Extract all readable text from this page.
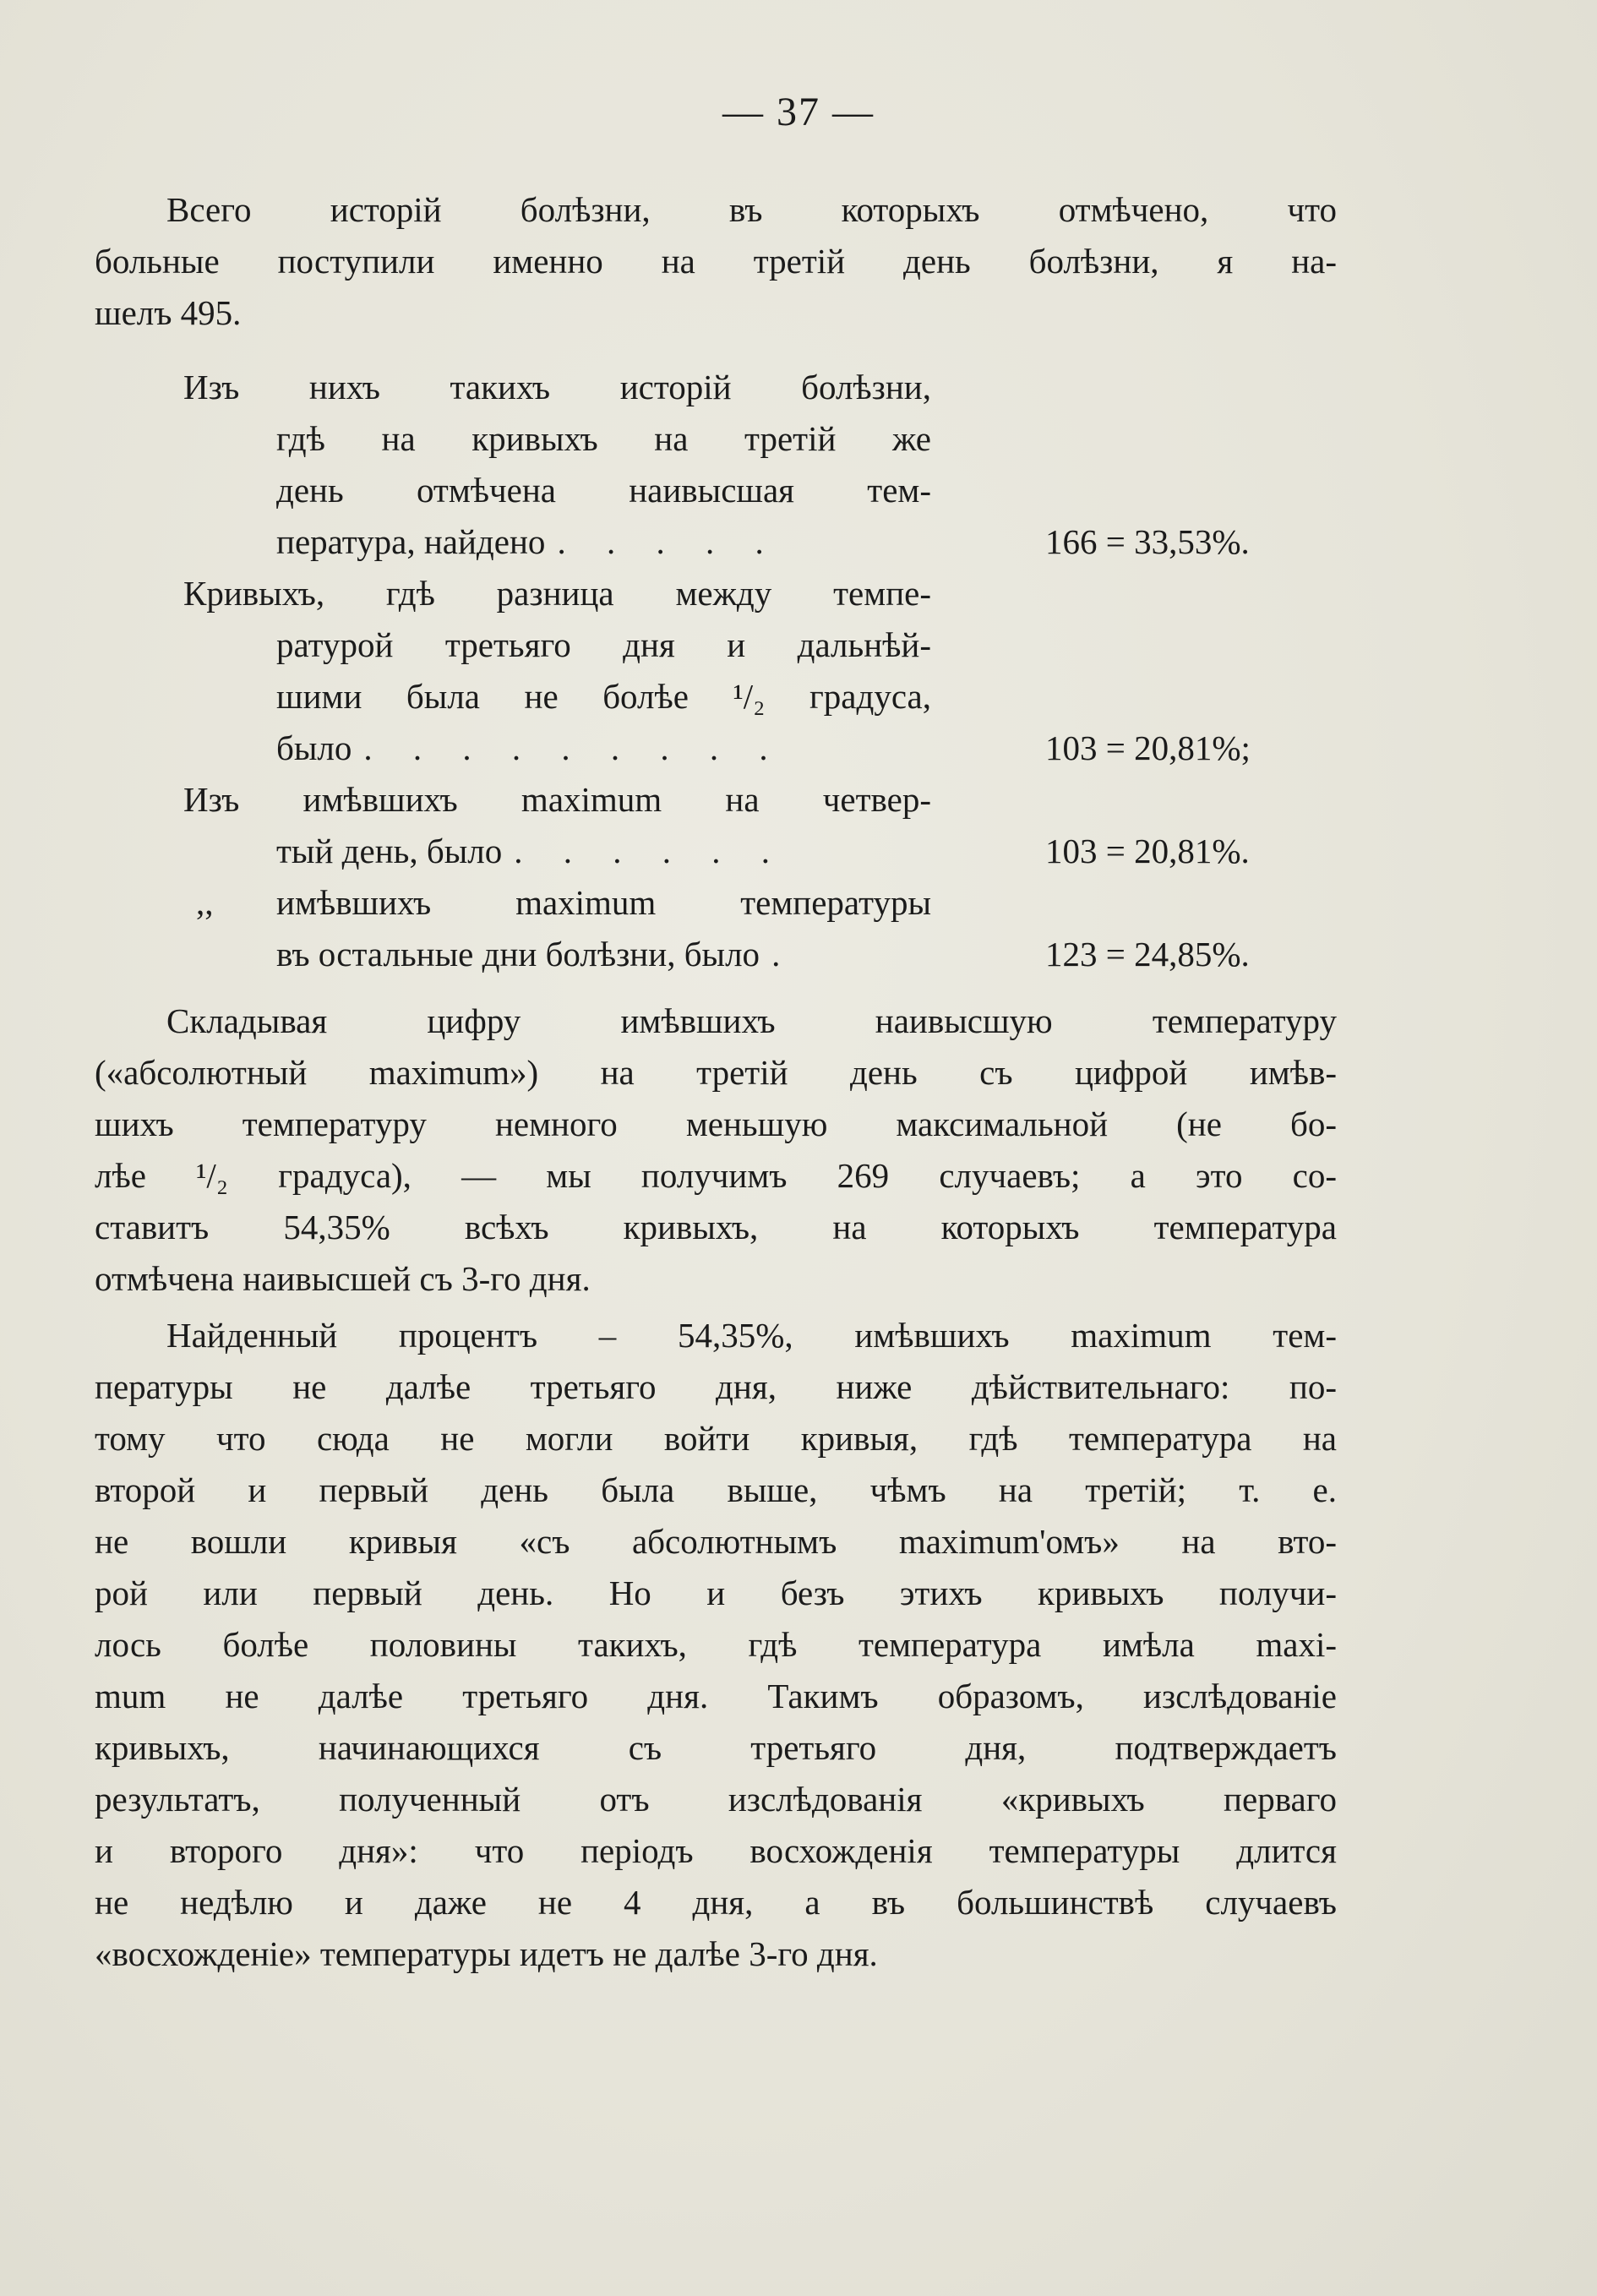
— 37 —
Всего исторій болѣзни, въ которыхъ отмѣчено, что
больные поступили именно на третій день болѣзни, я на-
шелъ 495.
Изъ нихъ такихъ исторій болѣзни,
гдѣ на кривыхъ на третій же
день отмѣчена наивысшая тем-
пература, найдено . . . . .	166 = 33,53%.
Кривыхъ, гдѣ разница между темпе-
ратурой третьяго дня и дальнѣй-
шими была не болѣе ¹/₂ градуса,
было . . . . . . . . .	103 = 20,81%;
Изъ имѣвшихъ maximum на четвер-
тый день, было . . . . . .	103 = 20,81%.
,,	имѣвшихъ maximum температуры
въ остальные дни болѣзни, было .	123 = 24,85%.
Складывая цифру имѣвшихъ наивысшую температуру
(«абсолютный maximum») на третій день съ цифрой имѣв-
шихъ температуру немного меньшую максимальной (не бо-
лѣе ¹/₂ градуса), — мы получимъ 269 случаевъ; а это со-
ставитъ 54,35% всѣхъ кривыхъ, на которыхъ температура
отмѣчена наивысшей съ 3-го дня.
Найденный процентъ – 54,35%, имѣвшихъ maximum тем-
пературы не далѣе третьяго дня, ниже дѣйствительнаго: по-
тому что сюда не могли войти кривыя, гдѣ температура на
второй и первый день была выше, чѣмъ на третій; т. е.
не вошли кривыя «съ абсолютнымъ maximum'омъ» на вто-
рой или первый день. Но и безъ этихъ кривыхъ получи-
лось болѣе половины такихъ, гдѣ температура имѣла maxi-
mum не далѣе третьяго дня. Такимъ образомъ, изслѣдованіе
кривыхъ, начинающихся съ третьяго дня, подтверждаетъ
результатъ, полученный отъ изслѣдованія «кривыхъ перваго
и второго дня»: что періодъ восхожденія температуры длится
не недѣлю и даже не 4 дня, а въ большинствѣ случаевъ
«восхожденіе» температуры идетъ не далѣе 3-го дня.
